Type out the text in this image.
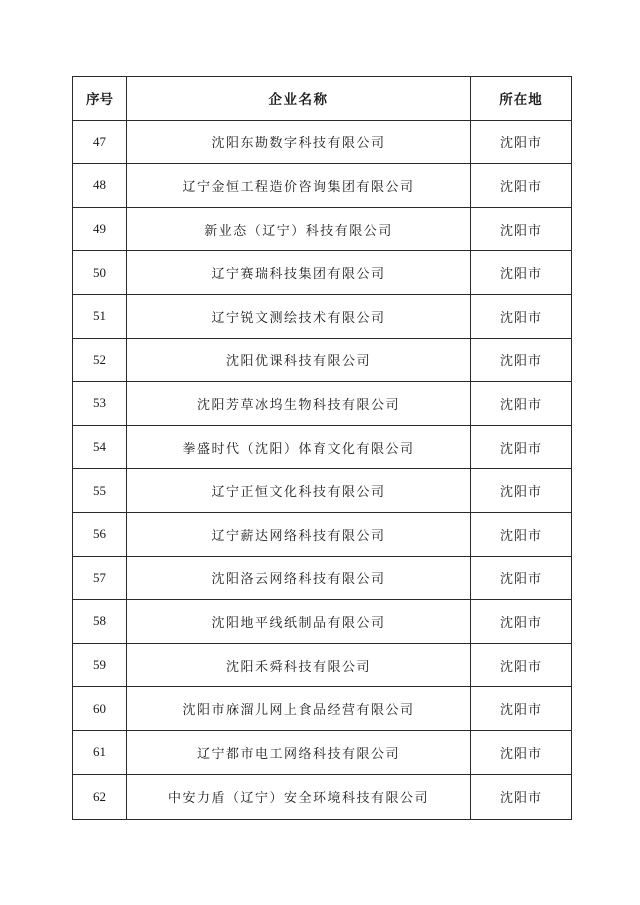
序号	企业名称	所在地
47	沈阳东勘数字科技有限公司	沈阳市
48	辽宁金恒工程造价咨询集团有限公司	沈阳市
49	新业态（辽宁）科技有限公司	沈阳市
50	辽宁赛瑞科技集团有限公司	沈阳市
51	辽宁锐文测绘技术有限公司	沈阳市
52	沈阳优课科技有限公司	沈阳市
53	沈阳芳草冰坞生物科技有限公司	沈阳市
54	拳盛时代（沈阳）体育文化有限公司	沈阳市
55	辽宁正恒文化科技有限公司	沈阳市
56	辽宁薪达网络科技有限公司	沈阳市
57	沈阳洛云网络科技有限公司	沈阳市
58	沈阳地平线纸制品有限公司	沈阳市
59	沈阳禾舜科技有限公司	沈阳市
60	沈阳市庥溜儿网上食品经营有限公司	沈阳市
61	辽宁都市电工网络科技有限公司	沈阳市
62	中安力盾（辽宁）安全环境科技有限公司	沈阳市
